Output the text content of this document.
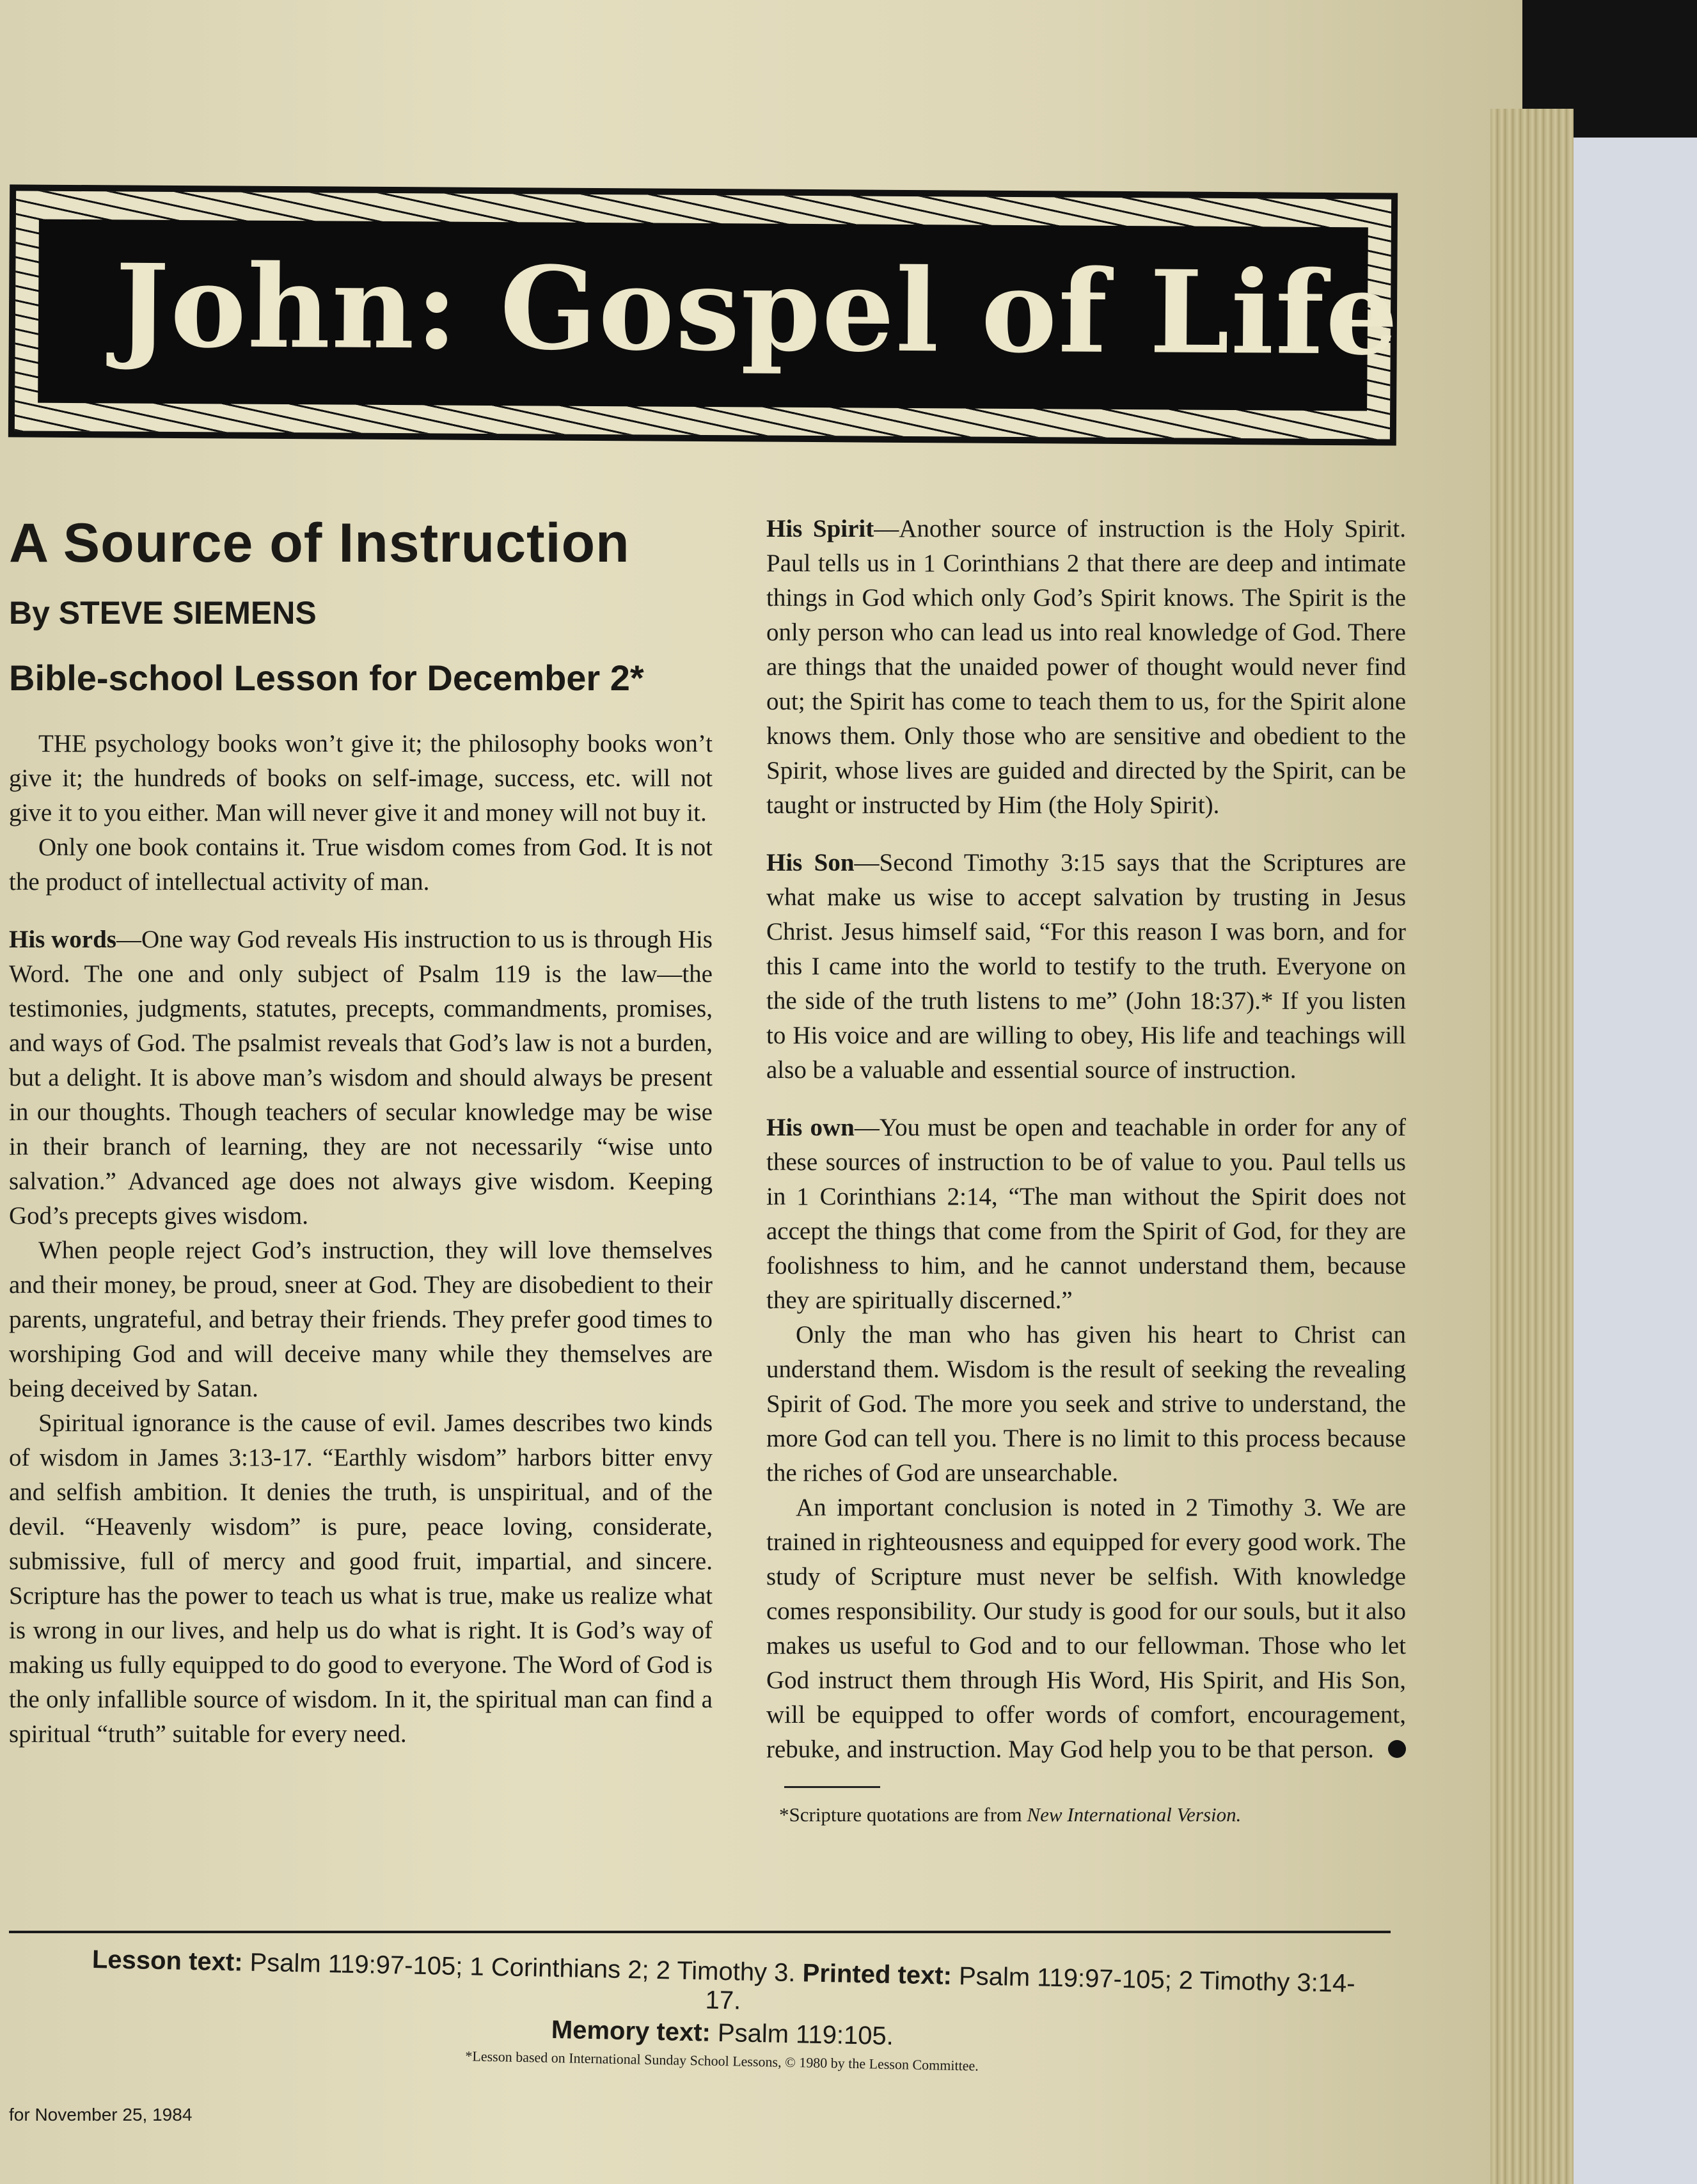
John: Gospel of Life
A Source of Instruction
By STEVE SIEMENS
Bible-school Lesson for December 2*

THE psychology books won’t give it; the philosophy books won’t give it; the hundreds of books on self-image, success, etc. will not give it to you either. Man will never give it and money will not buy it.

Only one book contains it. True wisdom comes from God. It is not the product of intellectual activity of man.

His words—One way God reveals His instruction to us is through His Word. The one and only subject of Psalm 119 is the law—the testimonies, judgments, statutes, precepts, commandments, promises, and ways of God. The psalmist reveals that God’s law is not a burden, but a delight. It is above man’s wisdom and should always be present in our thoughts. Though teachers of secular knowledge may be wise in their branch of learning, they are not necessarily “wise unto salvation.” Advanced age does not always give wisdom. Keeping God’s precepts gives wisdom.

When people reject God’s instruction, they will love themselves and their money, be proud, sneer at God. They are disobedient to their parents, ungrateful, and betray their friends. They prefer good times to worshiping God and will deceive many while they themselves are being deceived by Satan.

Spiritual ignorance is the cause of evil. James describes two kinds of wisdom in James 3:13-17. “Earthly wisdom” harbors bitter envy and selfish ambition. It denies the truth, is unspiritual, and of the devil. “Heavenly wisdom” is pure, peace loving, considerate, submissive, full of mercy and good fruit, impartial, and sincere. Scripture has the power to teach us what is true, make us realize what is wrong in our lives, and help us do what is right. It is God’s way of making us fully equipped to do good to everyone. The Word of God is the only infallible source of wisdom. In it, the spiritual man can find a spiritual “truth” suitable for every need.

His Spirit—Another source of instruction is the Holy Spirit. Paul tells us in 1 Corinthians 2 that there are deep and intimate things in God which only God’s Spirit knows. The Spirit is the only person who can lead us into real knowledge of God. There are things that the unaided power of thought would never find out; the Spirit has come to teach them to us, for the Spirit alone knows them. Only those who are sensitive and obedient to the Spirit, whose lives are guided and directed by the Spirit, can be taught or instructed by Him (the Holy Spirit).

His Son—Second Timothy 3:15 says that the Scriptures are what make us wise to accept salvation by trusting in Jesus Christ. Jesus himself said, “For this reason I was born, and for this I came into the world to testify to the truth. Everyone on the side of the truth listens to me” (John 18:37).* If you listen to His voice and are willing to obey, His life and teachings will also be a valuable and essential source of instruction.

His own—You must be open and teachable in order for any of these sources of instruction to be of value to you. Paul tells us in 1 Corinthians 2:14, “The man without the Spirit does not accept the things that come from the Spirit of God, for they are foolishness to him, and he cannot understand them, because they are spiritually discerned.”

Only the man who has given his heart to Christ can understand them. Wisdom is the result of seeking the revealing Spirit of God. The more you seek and strive to understand, the more God can tell you. There is no limit to this process because the riches of God are unsearchable.

An important conclusion is noted in 2 Timothy 3. We are trained in righteousness and equipped for every good work. The study of Scripture must never be selfish. With knowledge comes responsibility. Our study is good for our souls, but it also makes us useful to God and to our fellowman. Those who let God instruct them through His Word, His Spirit, and His Son, will be equipped to offer words of comfort, encouragement, rebuke, and instruction. May God help you to be that person.

*Scripture quotations are from New International Version.
Lesson text: Psalm 119:97-105; 1 Corinthians 2; 2 Timothy 3. Printed text: Psalm 119:97-105; 2 Timothy 3:14-17.
Memory text: Psalm 119:105.
*Lesson based on International Sunday School Lessons, © 1980 by the Lesson Committee.
for November 25, 1984
